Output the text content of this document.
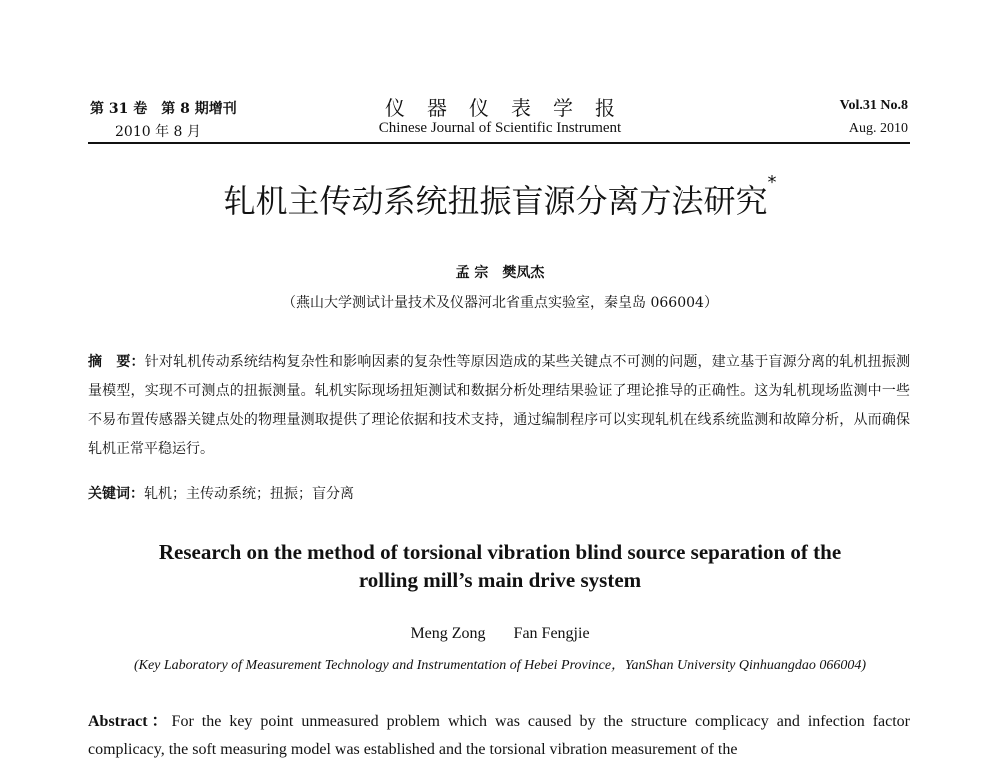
第 31 卷　第 8 期增刊
2010 年 8 月
仪器仪表学报
Chinese Journal of Scientific Instrument
Vol.31 No.8
Aug. 2010
轧机主传动系统扭振盲源分离方法研究*
孟 宗　樊凤杰
（燕山大学测试计量技术及仪器河北省重点实验室，秦皇岛 066004）
摘　要：针对轧机传动系统结构复杂性和影响因素的复杂性等原因造成的某些关键点不可测的问题，建立基于盲源分离的轧机扭振测量模型，实现不可测点的扭振测量。轧机实际现场扭矩测试和数据分析处理结果验证了理论推导的正确性。这为轧机现场监测中一些不易布置传感器关键点处的物理量测取提供了理论依据和技术支持，通过编制程序可以实现轧机在线系统监测和故障分析，从而确保轧机正常平稳运行。
关键词：轧机；主传动系统；扭振；盲分离
Research on the method of torsional vibration blind source separation of the
rolling mill’s main drive system
Meng Zong Fan Fengjie
(Key Laboratory of Measurement Technology and Instrumentation of Hebei Province，YanShan University Qinhuangdao 066004)
Abstract：For the key point unmeasured problem which was caused by the structure complicacy and infection factor complicacy, the soft measuring model was established and the torsional vibration measurement of the
